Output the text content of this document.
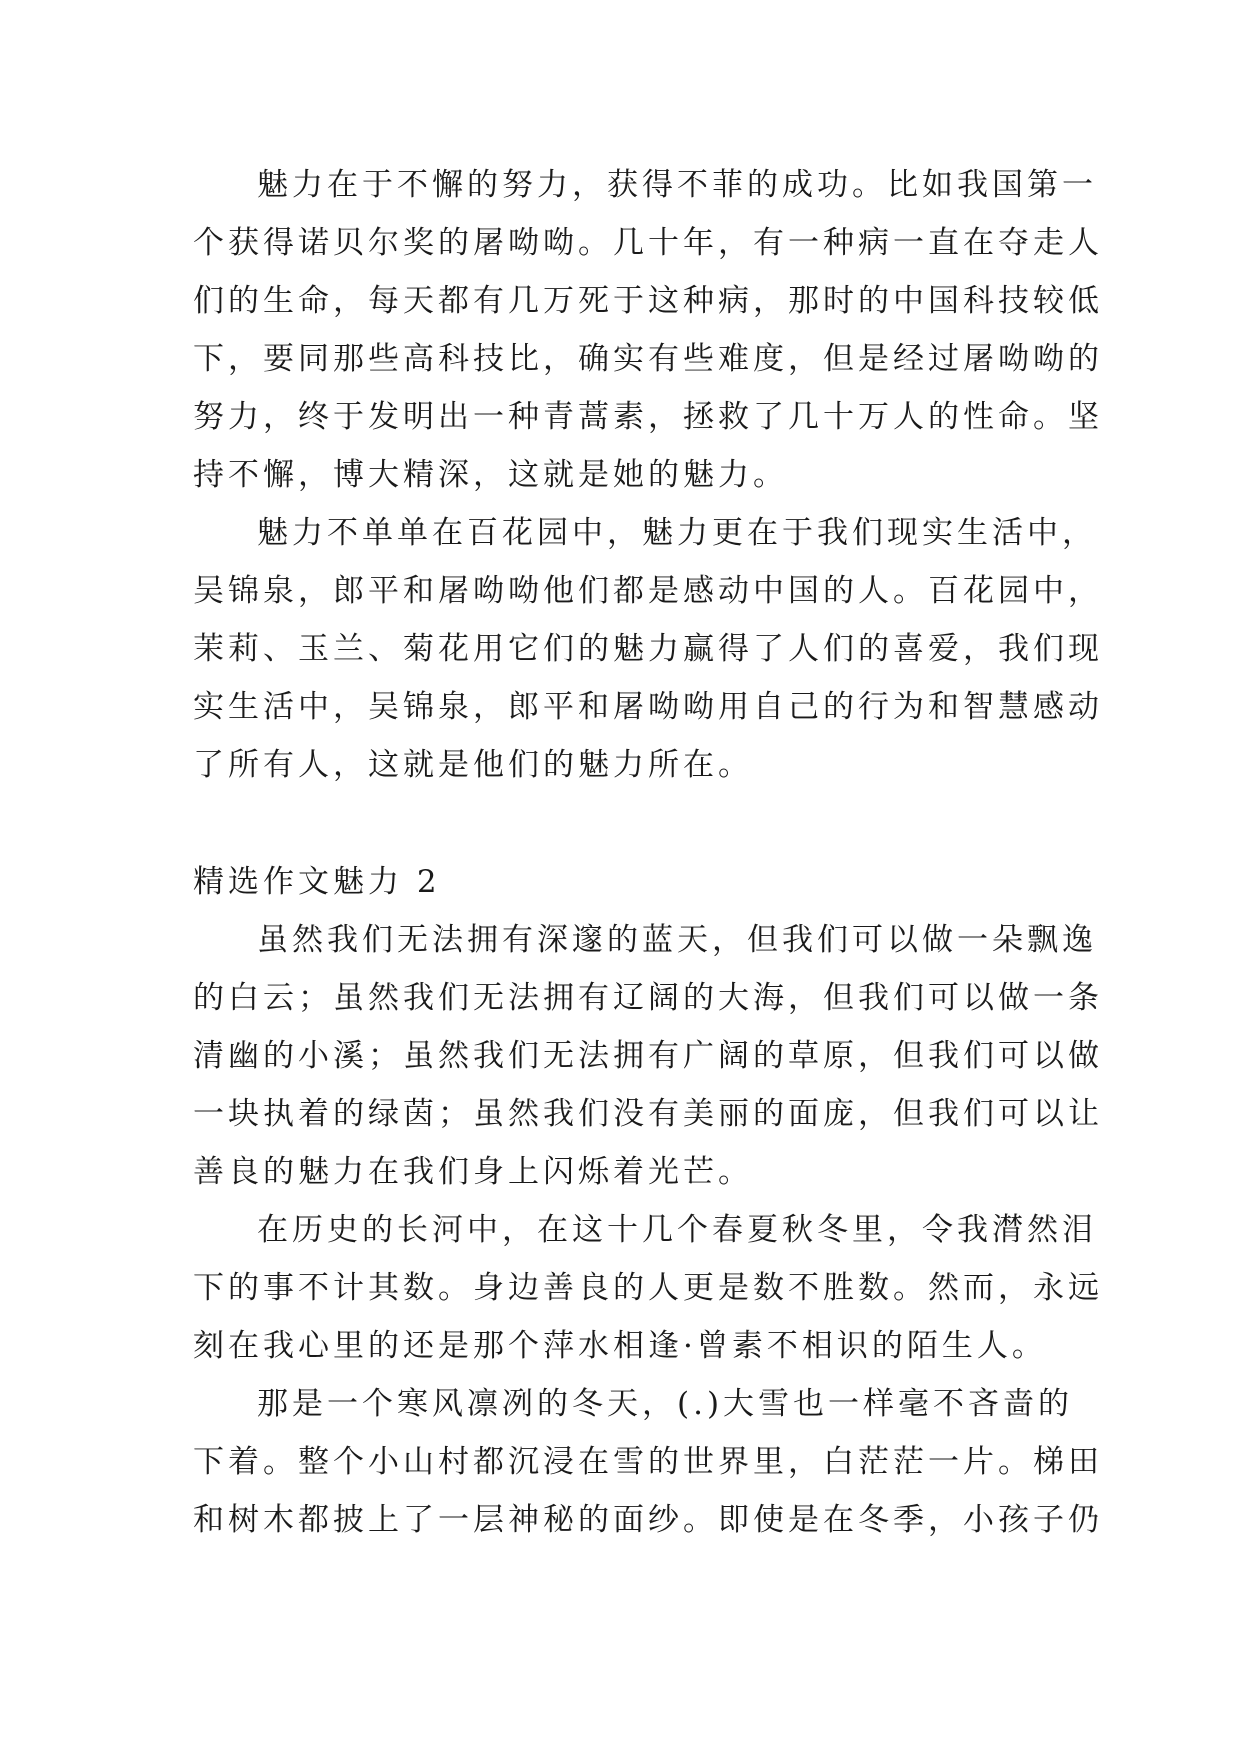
魅力在于不懈的努力，获得不菲的成功。比如我国第一
个获得诺贝尔奖的屠呦呦。几十年，有一种病一直在夺走人
们的生命，每天都有几万死于这种病，那时的中国科技较低
下，要同那些高科技比，确实有些难度，但是经过屠呦呦的
努力，终于发明出一种青蒿素，拯救了几十万人的性命。坚
持不懈，博大精深，这就是她的魅力。
魅力不单单在百花园中，魅力更在于我们现实生活中，
吴锦泉，郎平和屠呦呦他们都是感动中国的人。百花园中，
茉莉、玉兰、菊花用它们的魅力赢得了人们的喜爱，我们现
实生活中，吴锦泉，郎平和屠呦呦用自己的行为和智慧感动
了所有人，这就是他们的魅力所在。
精选作文魅力 2
虽然我们无法拥有深邃的蓝天，但我们可以做一朵飘逸
的白云；虽然我们无法拥有辽阔的大海，但我们可以做一条
清幽的小溪；虽然我们无法拥有广阔的草原，但我们可以做
一块执着的绿茵；虽然我们没有美丽的面庞，但我们可以让
善良的魅力在我们身上闪烁着光芒。
在历史的长河中，在这十几个春夏秋冬里，令我潸然泪
下的事不计其数。身边善良的人更是数不胜数。然而，永远
刻在我心里的还是那个萍水相逢·曾素不相识的陌生人。
那是一个寒风凛冽的冬天，(.)大雪也一样毫不吝啬的
下着。整个小山村都沉浸在雪的世界里，白茫茫一片。梯田
和树木都披上了一层神秘的面纱。即使是在冬季，小孩子仍
